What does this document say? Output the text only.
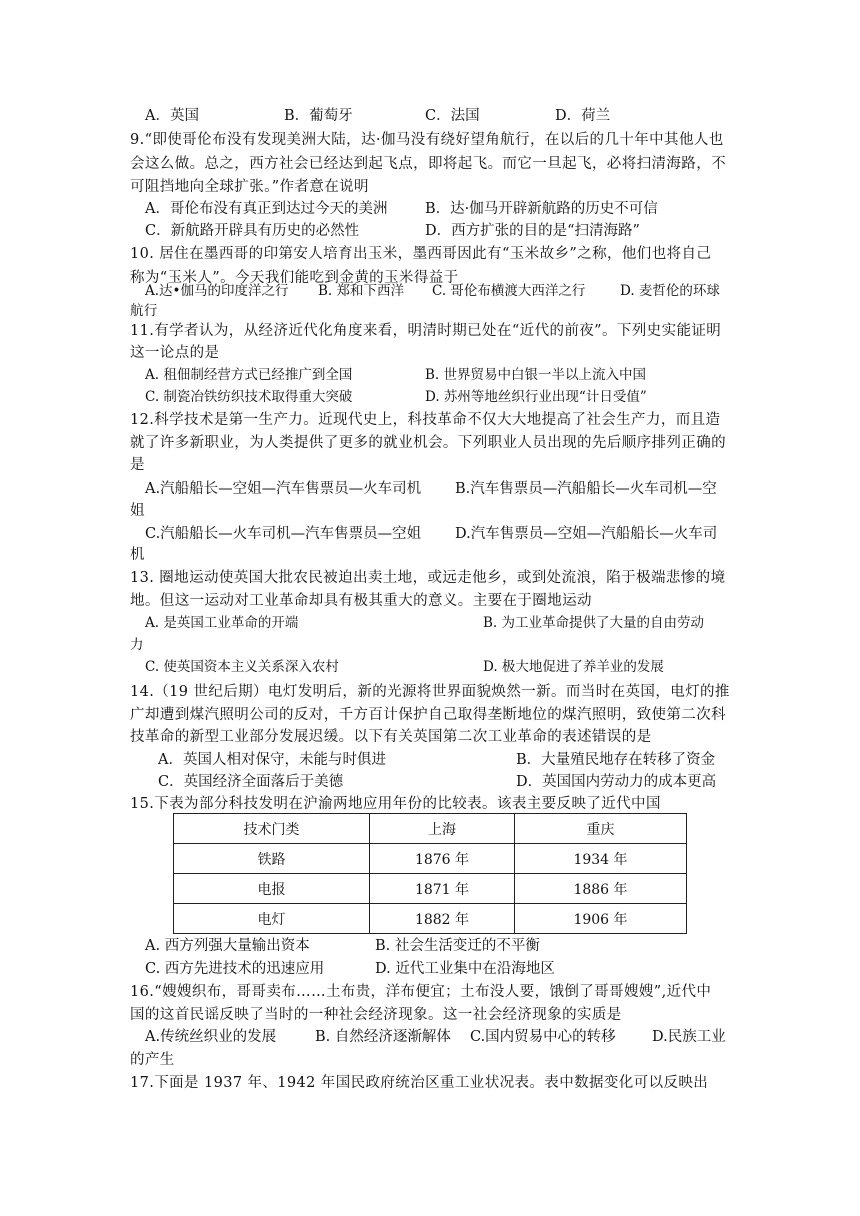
A．英国	B．葡萄牙	C．法国	D．荷兰
9.“即使哥伦布没有发现美洲大陆，达·伽马没有绕好望角航行，在以后的几十年中其他人也
会这么做。总之，西方社会已经达到起飞点，即将起飞。而它一旦起飞，必将扫清海路，不
可阻挡地向全球扩张。”作者意在说明
A．哥伦布没有真正到达过今天的美洲	B．达·伽马开辟新航路的历史不可信
C．新航路开辟具有历史的必然性	D．西方扩张的目的是“扫清海路”
10. 居住在墨西哥的印第安人培育出玉米，墨西哥因此有“玉米故乡”之称，他们也将自己
称为“玉米人”。今天我们能吃到金黄的玉米得益于
A.达•伽马的印度洋之行 B. 郑和下西洋 C. 哥伦布横渡大西洋之行	D. 麦哲伦的环球
航行
11.有学者认为，从经济近代化角度来看，明清时期已处在“近代的前夜”。下列史实能证明
这一论点的是
A. 租佃制经营方式已经推广到全国	B. 世界贸易中白银一半以上流入中国
C. 制瓷冶铁纺织技术取得重大突破	D. 苏州等地丝织行业出现“计日受值”
12.科学技术是第一生产力。近现代史上，科技革命不仅大大地提高了社会生产力，而且造
就了许多新职业，为人类提供了更多的就业机会。下列职业人员出现的先后顺序排列正确的
是
A.汽船船长—空姐—汽车售票员—火车司机 B.汽车售票员—汽船船长—火车司机—空
姐
C.汽船船长—火车司机—汽车售票员—空姐 D.汽车售票员—空姐—汽船船长—火车司
机
13. 圈地运动使英国大批农民被迫出卖土地，或远走他乡，或到处流浪，陷于极端悲惨的境
地。但这一运动对工业革命却具有极其重大的意义。主要在于圈地运动
A. 是英国工业革命的开端	B. 为工业革命提供了大量的自由劳动
力
C. 使英国资本主义关系深入农村	D. 极大地促进了养羊业的发展
14.（19 世纪后期）电灯发明后，新的光源将世界面貌焕然一新。而当时在英国，电灯的推
广却遭到煤汽照明公司的反对，千方百计保护自己取得垄断地位的煤汽照明，致使第二次科
技革命的新型工业部分发展迟缓。以下有关英国第二次工业革命的表述错误的是
A．英国人相对保守，未能与时俱进	B．大量殖民地存在转移了资金
C．英国经济全面落后于美德	D．英国国内劳动力的成本更高
15.下表为部分科技发明在沪渝两地应用年份的比较表。该表主要反映了近代中国
技术门类	上海	重庆
铁路	1876 年	1934 年
电报	1871 年	1886 年
电灯	1882 年	1906 年
A. 西方列强大量输出资本	B. 社会生活变迁的不平衡
C. 西方先进技术的迅速应用	D. 近代工业集中在沿海地区
16.“嫂嫂织布，哥哥卖布……土布贵，洋布便宜；土布没人要，饿倒了哥哥嫂嫂”,近代中
国的这首民谣反映了当时的一种社会经济现象。这一社会经济现象的实质是
A.传统丝织业的发展	B. 自然经济逐渐解体 C.国内贸易中心的转移	D.民族工业
的产生
17.下面是 1937 年、1942 年国民政府统治区重工业状况表。表中数据变化可以反映出
